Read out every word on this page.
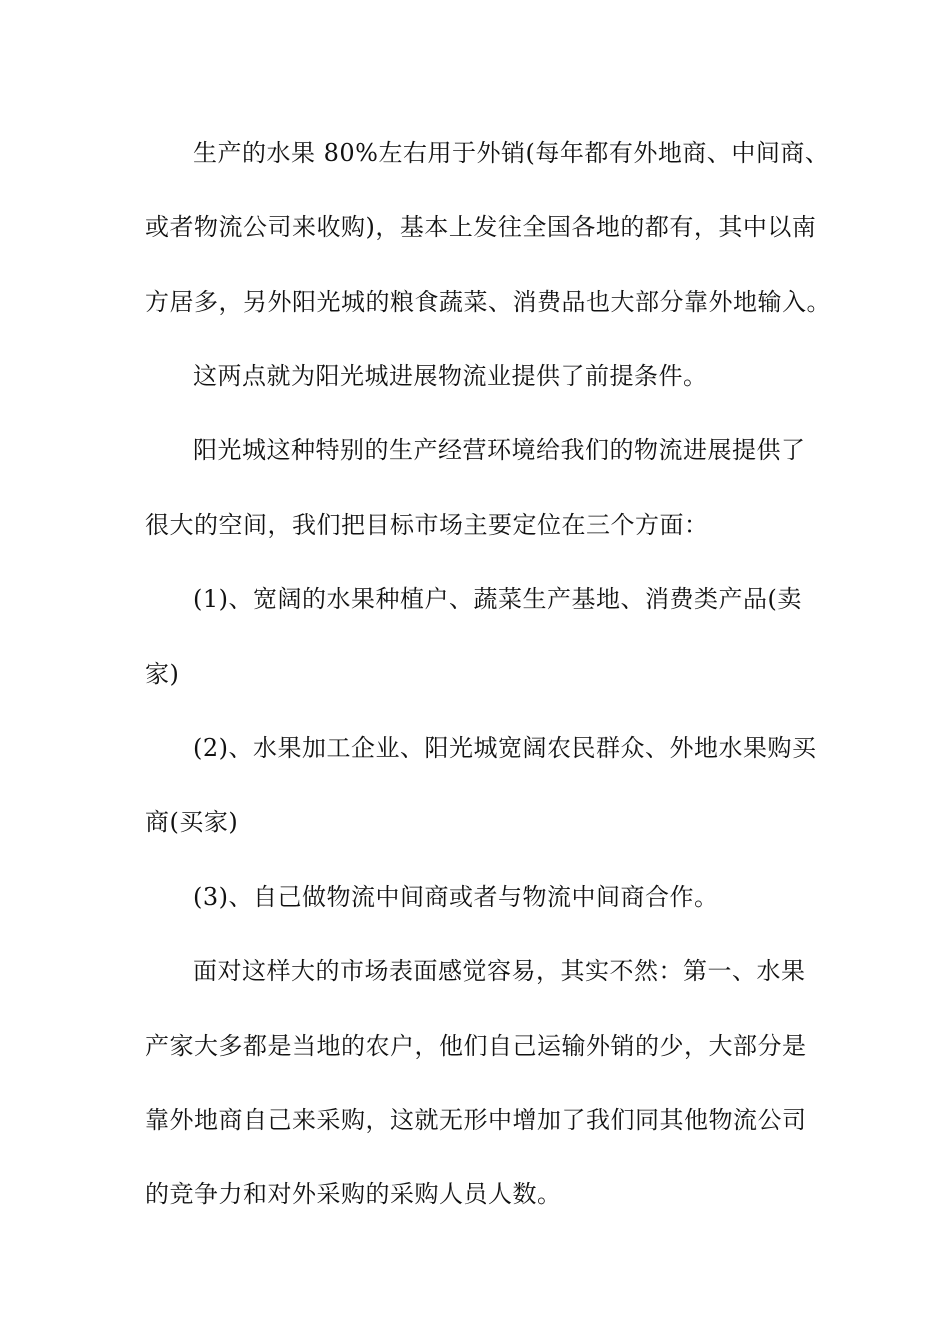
生产的水果 80%左右用于外销(每年都有外地商、中间商、
或者物流公司来收购)，基本上发往全国各地的都有，其中以南
方居多，另外阳光城的粮食蔬菜、消费品也大部分靠外地输入。
这两点就为阳光城进展物流业提供了前提条件。
阳光城这种特别的生产经营环境给我们的物流进展提供了
很大的空间，我们把目标市场主要定位在三个方面：
(1)、宽阔的水果种植户、蔬菜生产基地、消费类产品(卖
家)
(2)、水果加工企业、阳光城宽阔农民群众、外地水果购买
商(买家)
(3)、自己做物流中间商或者与物流中间商合作。
面对这样大的市场表面感觉容易，其实不然：第一、水果
产家大多都是当地的农户，他们自己运输外销的少，大部分是
靠外地商自己来采购，这就无形中增加了我们同其他物流公司
的竞争力和对外采购的采购人员人数。
